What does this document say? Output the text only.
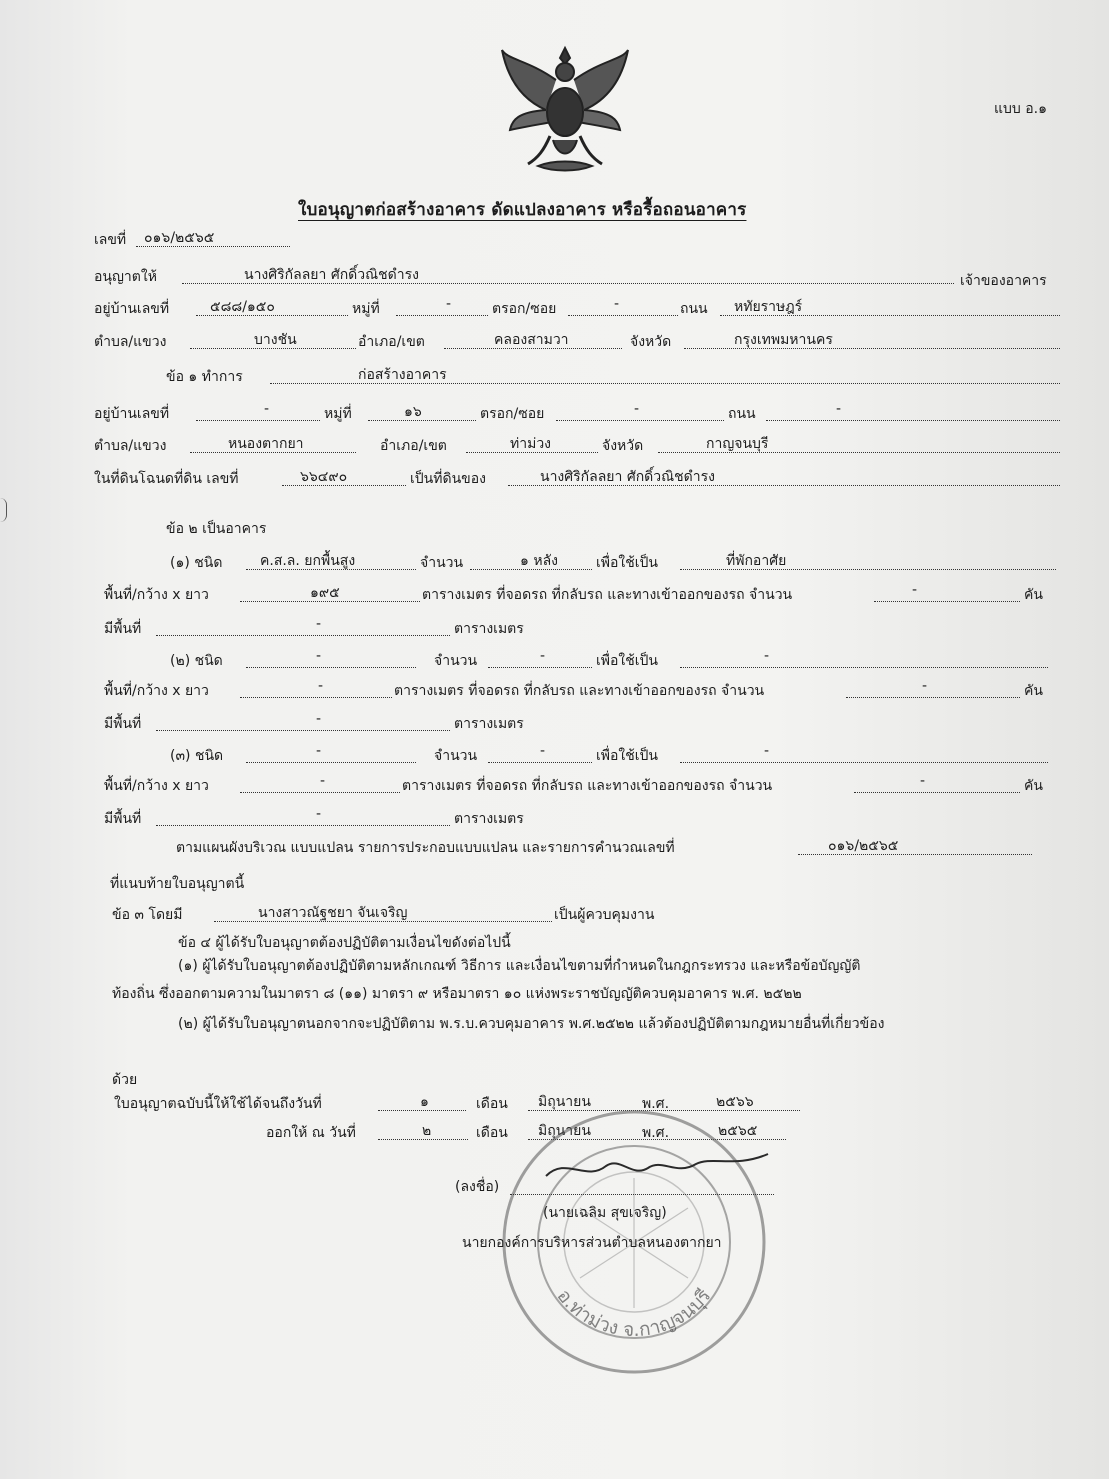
แบบ อ.๑
ใบอนุญาตก่อสร้างอาคาร ดัดแปลงอาคาร หรือรื้อถอนอาคาร
เลขที่ ๐๑๖/๒๕๖๕
อนุญาตให้	นางศิริกัลลยา ศักดิ์วณิชดำรง	เจ้าของอาคาร
อยู่บ้านเลขที่	๕๘๘/๑๕๐	หมู่ที่	-	ตรอก/ซอย	-	ถนน หทัยราษฎร์
ตำบล/แขวง	บางชัน	อำเภอ/เขต	คลองสามวา	จังหวัด	กรุงเทพมหานคร
ข้อ ๑ ทำการ	ก่อสร้างอาคาร
อยู่บ้านเลขที่	-	หมู่ที่	๑๖	ตรอก/ซอย	-	ถนน	-
ตำบล/แขวง	หนองตากยา	อำเภอ/เขต	ท่าม่วง	จังหวัด	กาญจนบุรี
ในที่ดินโฉนดที่ดิน เลขที่	๖๖๔๙๐	เป็นที่ดินของ	นางศิริกัลลยา ศักดิ์วณิชดำรง
ข้อ ๒ เป็นอาคาร
(๑) ชนิด	ค.ส.ล. ยกพื้นสูง	จำนวน	๑ หลัง	เพื่อใช้เป็น	ที่พักอาศัย
พื้นที่/กว้าง x ยาว	๑๙๕	ตารางเมตร ที่จอดรถ ที่กลับรถ และทางเข้าออกของรถ จำนวน	-	คัน
มีพื้นที่	-	ตารางเมตร
(๒) ชนิด	-	จำนวน	-	เพื่อใช้เป็น	-
พื้นที่/กว้าง x ยาว	-	ตารางเมตร ที่จอดรถ ที่กลับรถ และทางเข้าออกของรถ จำนวน	-	คัน
มีพื้นที่	-	ตารางเมตร
(๓) ชนิด	-	จำนวน	-	เพื่อใช้เป็น	-
พื้นที่/กว้าง x ยาว	-	ตารางเมตร ที่จอดรถ ที่กลับรถ และทางเข้าออกของรถ จำนวน	-	คัน
มีพื้นที่	-	ตารางเมตร
ตามแผนผังบริเวณ แบบแปลน รายการประกอบแบบแปลน และรายการคำนวณเลขที่	๐๑๖/๒๕๖๕
ที่แนบท้ายใบอนุญาตนี้
ข้อ ๓ โดยมี	นางสาวณัฐชยา จันเจริญ	เป็นผู้ควบคุมงาน
ข้อ ๔ ผู้ได้รับใบอนุญาตต้องปฏิบัติตามเงื่อนไขดังต่อไปนี้
(๑) ผู้ได้รับใบอนุญาตต้องปฏิบัติตามหลักเกณฑ์ วิธีการ และเงื่อนไขตามที่กำหนดในกฎกระทรวง และหรือข้อบัญญัติ
ท้องถิ่น ซึ่งออกตามความในมาตรา ๘ (๑๑) มาตรา ๙ หรือมาตรา ๑๐ แห่งพระราชบัญญัติควบคุมอาคาร พ.ศ. ๒๕๒๒
(๒) ผู้ได้รับใบอนุญาตนอกจากจะปฏิบัติตาม พ.ร.บ.ควบคุมอาคาร พ.ศ.๒๕๒๒ แล้วต้องปฏิบัติตามกฎหมายอื่นที่เกี่ยวข้อง
ด้วย
ใบอนุญาตฉบับนี้ให้ใช้ได้จนถึงวันที่	๑	เดือน มิถุนายน	พ.ศ.	๒๕๖๖
ออกให้ ณ วันที่	๒	เดือน มิถุนายน	พ.ศ.	๒๕๖๕
อ.ท่าม่วง จ.กาญจนบุรี
(ลงชื่อ)
(นายเฉลิม สุขเจริญ)
นายกองค์การบริหารส่วนตำบลหนองตากยา
